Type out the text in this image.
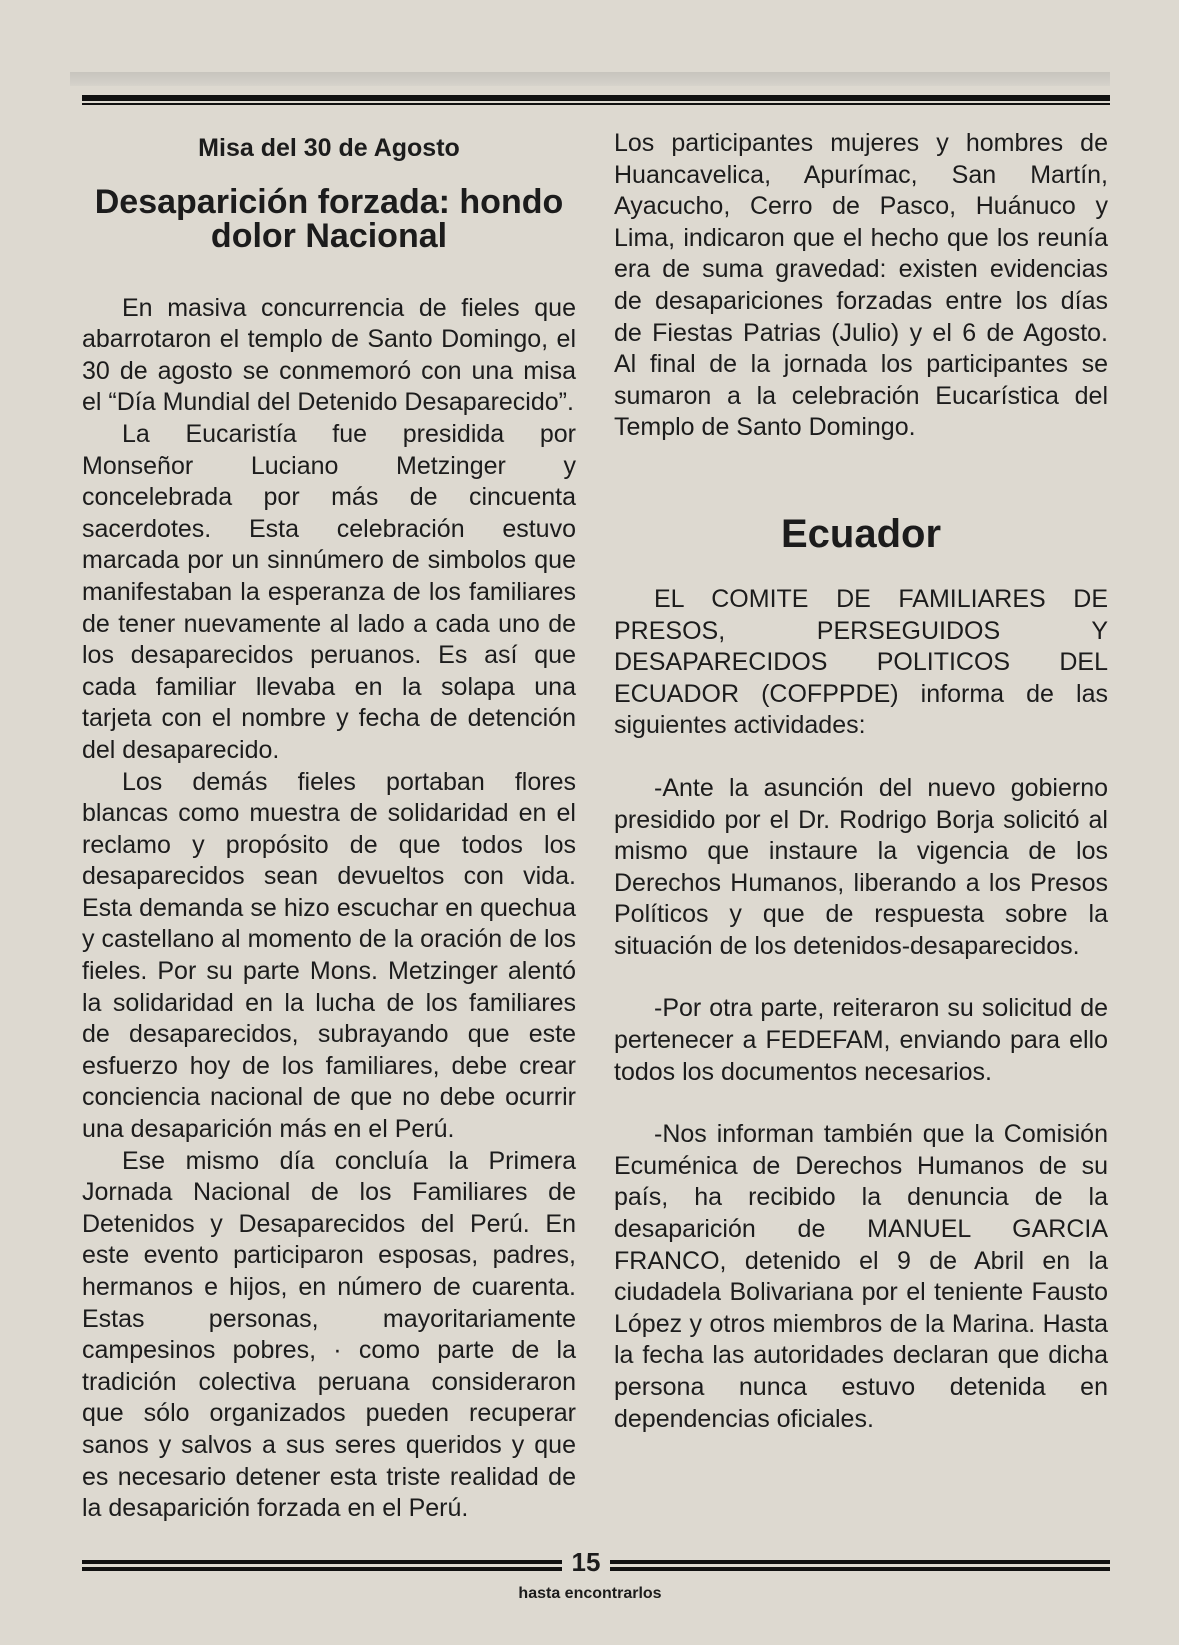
Misa del 30 de Agosto
Desaparición forzada: hondo dolor Nacional

En masiva concurrencia de fieles que abarrotaron el templo de Santo Domingo, el 30 de agosto se conmemoró con una misa el “Día Mundial del Detenido Desaparecido”.

La Eucaristía fue presidida por Monseñor Luciano Metzinger y concelebrada por más de cincuenta sacerdotes. Esta celebración estuvo marcada por un sinnúmero de simbolos que manifestaban la esperanza de los familiares de tener nuevamente al lado a cada uno de los desaparecidos peruanos. Es así que cada familiar llevaba en la solapa una tarjeta con el nombre y fecha de detención del desaparecido.

Los demás fieles portaban flores blancas como muestra de solidaridad en el reclamo y propósito de que todos los desaparecidos sean devueltos con vida. Esta demanda se hizo escuchar en quechua y castellano al momento de la oración de los fieles. Por su parte Mons. Metzinger alentó la solidaridad en la lucha de los familiares de desaparecidos, subrayando que este esfuerzo hoy de los familiares, debe crear conciencia nacional de que no debe ocurrir una desaparición más en el Perú.

Ese mismo día concluía la Primera Jornada Nacional de los Familiares de Detenidos y Desaparecidos del Perú. En este evento participaron esposas, padres, hermanos e hijos, en número de cuarenta. Estas personas, mayoritariamente campesinos pobres, · como parte de la tradición colectiva peruana consideraron que sólo organizados pueden recuperar sanos y salvos a sus seres queridos y que es necesario detener esta triste realidad de la desaparición forzada en el Perú.

Los participantes mujeres y hombres de Huancavelica, Apurímac, San Martín, Ayacucho, Cerro de Pasco, Huánuco y Lima, indicaron que el hecho que los reunía era de suma gravedad: existen evidencias de desapariciones forzadas entre los días de Fiestas Patrias (Julio) y el 6 de Agosto. Al final de la jornada los participantes se sumaron a la celebración Eucarística del Templo de Santo Domingo.

Ecuador

EL COMITE DE FAMILIARES DE PRESOS, PERSEGUIDOS Y DESAPARECIDOS POLITICOS DEL ECUADOR (COFPPDE) informa de las siguientes actividades:

-Ante la asunción del nuevo gobierno presidido por el Dr. Rodrigo Borja solicitó al mismo que instaure la vigencia de los Derechos Humanos, liberando a los Presos Políticos y que de respuesta sobre la situación de los detenidos-desaparecidos.

-Por otra parte, reiteraron su solicitud de pertenecer a FEDEFAM, enviando para ello todos los documentos necesarios.

-Nos informan también que la Comisión Ecuménica de Derechos Humanos de su país, ha recibido la denuncia de la desaparición de MANUEL GARCIA FRANCO, detenido el 9 de Abril en la ciudadela Bolivariana por el teniente Fausto López y otros miembros de la Marina. Hasta la fecha las autoridades declaran que dicha persona nunca estuvo detenida en dependencias oficiales.

15
hasta encontrarlos
